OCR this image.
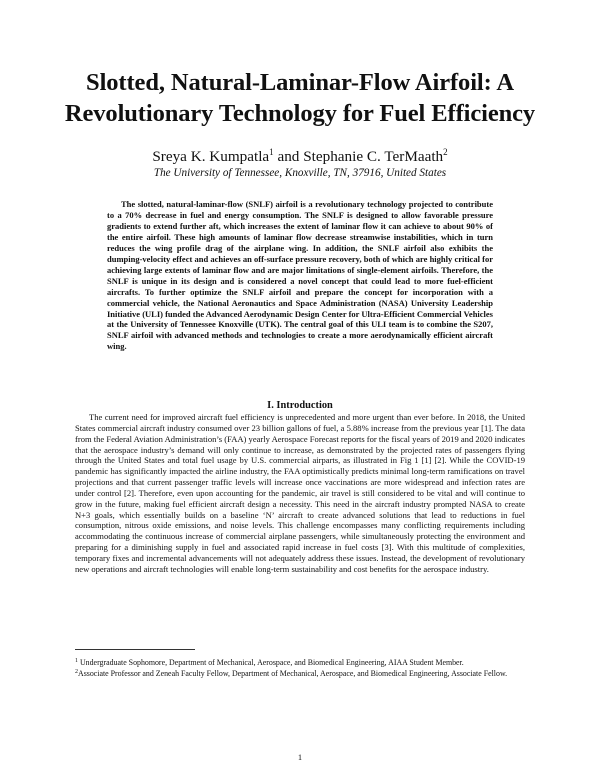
Slotted, Natural-Laminar-Flow Airfoil: A Revolutionary Technology for Fuel Efficiency
Sreya K. Kumpatla$^1$ and Stephanie C. TerMaath$^2$
The University of Tennessee, Knoxville, TN, 37916, United States

The slotted, natural-laminar-flow (SNLF) airfoil is a revolutionary technology projected to contribute to a 70% decrease in fuel and energy consumption. The SNLF is designed to allow favorable pressure gradients to extend further aft, which increases the extent of laminar flow it can achieve to about 90% of the entire airfoil. These high amounts of laminar flow decrease streamwise instabilities, which in turn reduces the wing profile drag of the airplane wing. In addition, the SNLF airfoil also exhibits the dumping-velocity effect and achieves an off-surface pressure recovery, both of which are highly critical for achieving large extents of laminar flow and are major limitations of single-element airfoils. Therefore, the SNLF is unique in its design and is considered a novel concept that could lead to more fuel-efficient aircrafts. To further optimize the SNLF airfoil and prepare the concept for incorporation with a commercial vehicle, the National Aeronautics and Space Administration (NASA) University Leadership Initiative (ULI) funded the Advanced Aerodynamic Design Center for Ultra-Efficient Commercial Vehicles at the University of Tennessee Knoxville (UTK). The central goal of this ULI team is to combine the S207, SNLF airfoil with advanced methods and technologies to create a more aerodynamically efficient aircraft wing.

I. Introduction

The current need for improved aircraft fuel efficiency is unprecedented and more urgent than ever before. In 2018, the United States commercial aircraft industry consumed over 23 billion gallons of fuel, a 5.88% increase from the previous year [1]. The data from the Federal Aviation Administration’s (FAA) yearly Aerospace Forecast reports for the fiscal years of 2019 and 2020 indicates that the aerospace industry’s demand will only continue to increase, as demonstrated by the projected rates of passengers flying through the United States and total fuel usage by U.S. commercial airparts, as illustrated in Fig 1 [1] [2]. While the COVID-19 pandemic has significantly impacted the airline industry, the FAA optimistically predicts minimal long-term ramifications on travel projections and that current passenger traffic levels will increase once vaccinations are more widespread and infection rates are under control [2]. Therefore, even upon accounting for the pandemic, air travel is still considered to be vital and will continue to grow in the future, making fuel efficient aircraft design a necessity. This need in the aircraft industry prompted NASA to create N+3 goals, which essentially builds on a baseline ‘N’ aircraft to create advanced solutions that lead to reductions in fuel consumption, nitrous oxide emissions, and noise levels. This challenge encompasses many conflicting requirements including accommodating the continuous increase of commercial airplane passengers, while simultaneously protecting the environment and preparing for a diminishing supply in fuel and associated rapid increase in fuel costs [3]. With this multitude of complexities, temporary fixes and incremental advancements will not adequately address these issues. Instead, the development of revolutionary new operations and aircraft technologies will enable long-term sustainability and cost benefits for the aerospace industry.

$^1$ Undergraduate Sophomore, Department of Mechanical, Aerospace, and Biomedical Engineering, AIAA Student Member.

$^2$Associate Professor and Zeneah Faculty Fellow, Department of Mechanical, Aerospace, and Biomedical Engineering, Associate Fellow.

1
